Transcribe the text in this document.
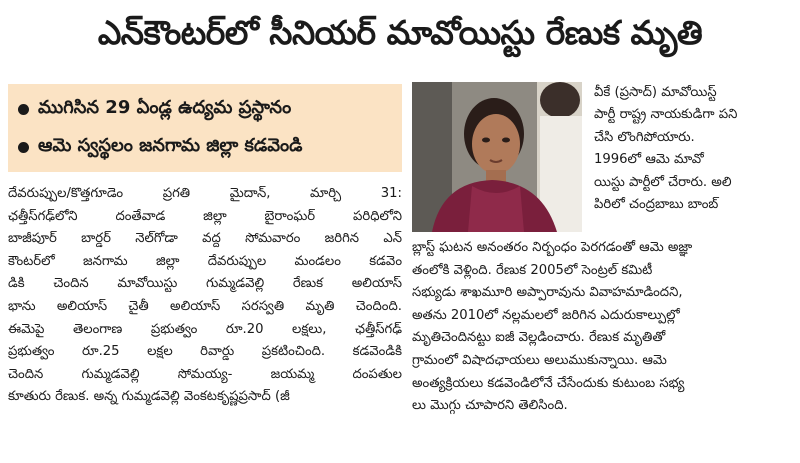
ఎన్‌కౌంటర్‌లో సీనియర్ మావోయిస్టు రేణుక మృతి
ముగిసిన 29 ఏండ్ల ఉద్యమ ప్రస్థానం
ఆమె స్వస్థలం జనగామ జిల్లా కడవెండి

దేవరుప్పుల/కొత్తగూడెం ప్రగతి మైదాన్, మార్చి 31:

ఛత్తీస్‌గఢ్‌లోని దంతేవాడ జిల్లా బైరాంఘర్ పరిధిలోని

బాజీపూర్ బార్డర్ నెల్‌గోడా వద్ద సోమవారం జరిగిన ఎన్

కౌంటర్‌లో జనగామ జిల్లా దేవరుప్పుల మండలం కడవెం

డికి చెందిన మావోయిస్టు గుమ్మడవెల్లి రేణుక అలియాస్

భాను అలియాస్ చైతీ అలియాస్ సరస్వతి మృతి చెందింది.

ఈమెపై తెలంగాణ ప్రభుత్వం రూ.20 లక్షలు, ఛత్తీస్‌గఢ్

ప్రభుత్వం రూ.25 లక్షల రివార్డు ప్రకటించింది. కడవెండికి

చెందిన గుమ్మడవెల్లి సోమయ్య- జయమ్మ దంపతుల

కూతురు రేణుక. అన్న గుమ్మడవెల్లి వెంకటకృష్ణప్రసాద్ (జీ

వీకే (ప్రసాద్) మావోయిస్ట్

పార్టీ రాష్ట్ర నాయకుడిగా పని

చేసి లొంగిపోయారు.

1996లో ఆమె మావో

యిస్టు పార్టీలో చేరారు. అలి

పిరిలో చంద్రబాబు బాంబ్

బ్లాస్ట్ ఘటన అనంతరం నిర్బంధం పెరగడంతో ఆమె అజ్ఞా

తంలోకి వెళ్లింది. రేణుక 2005లో సెంట్రల్ కమిటీ

సభ్యుడు శాఖమూరి అప్పారావును వివాహమాడిందని,

అతను 2010లో నల్లమలలో జరిగిన ఎదురుకాల్పుల్లో

మృతిచెందినట్టు ఐజీ వెల్లడించారు. రేణుక మృతితో

గ్రామంలో విషాదఛాయలు అలుముకున్నాయి. ఆమె

అంత్యక్రియలు కడవెండిలోనే చేసేందుకు కుటుంబ సభ్య

లు మొగ్గు చూపారని తెలిసింది.
